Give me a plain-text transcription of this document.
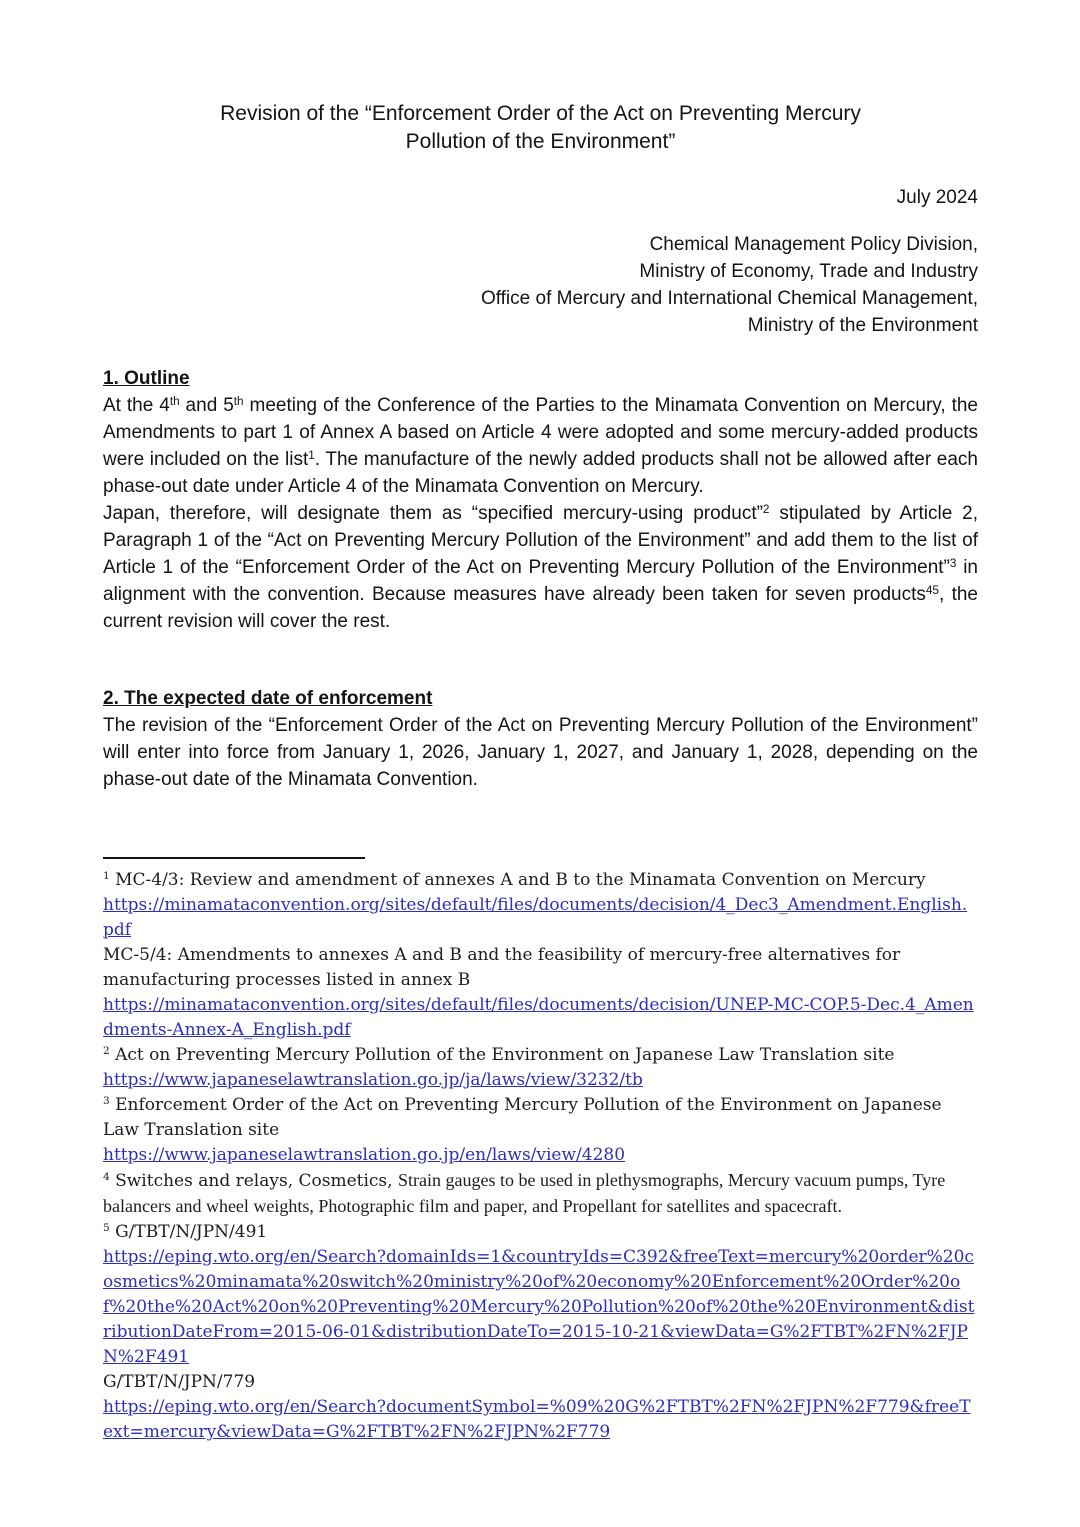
Revision of the “Enforcement Order of the Act on Preventing Mercury
Pollution of the Environment”
July 2024
Chemical Management Policy Division,
Ministry of Economy, Trade and Industry
Office of Mercury and International Chemical Management,
Ministry of the Environment
1. Outline
At the 4th and 5th meeting of the Conference of the Parties to the Minamata Convention on Mercury, the Amendments to part 1 of Annex A based on Article 4 were adopted and some mercury-added products were included on the list$^1$. The manufacture of the newly added products shall not be allowed after each phase-out date under Article 4 of the Minamata Convention on Mercury.
Japan, therefore, will designate them as “specified mercury-using product”$^2$ stipulated by Article 2, Paragraph 1 of the “Act on Preventing Mercury Pollution of the Environment” and add them to the list of Article 1 of the “Enforcement Order of the Act on Preventing Mercury Pollution of the Environment”$^3$ in alignment with the convention. Because measures have already been taken for seven products$^{45}$, the current revision will cover the rest.
2. The expected date of enforcement
The revision of the “Enforcement Order of the Act on Preventing Mercury Pollution of the Environment” will enter into force from January 1, 2026, January 1, 2027, and January 1, 2028, depending on the phase-out date of the Minamata Convention.
$^1$ MC-4/3: Review and amendment of annexes A and B to the Minamata Convention on Mercury
https://minamataconvention.org/sites/default/files/documents/decision/4_Dec3_Amendment.English.pdf
MC-5/4: Amendments to annexes A and B and the feasibility of mercury-free alternatives for manufacturing processes listed in annex B
https://minamataconvention.org/sites/default/files/documents/decision/UNEP-MC-COP.5-Dec.4_Amendments-Annex-A_English.pdf
$^2$ Act on Preventing Mercury Pollution of the Environment on Japanese Law Translation site
https://www.japaneselawtranslation.go.jp/ja/laws/view/3232/tb
$^3$ Enforcement Order of the Act on Preventing Mercury Pollution of the Environment on Japanese Law Translation site
https://www.japaneselawtranslation.go.jp/en/laws/view/4280
$^4$ Switches and relays, Cosmetics, Strain gauges to be used in plethysmographs, Mercury vacuum pumps, Tyre balancers and wheel weights, Photographic film and paper, and Propellant for satellites and spacecraft.
$^5$ G/TBT/N/JPN/491
https://eping.wto.org/en/Search?domainIds=1&countryIds=C392&freeText=mercury%20order%20cosmetics%20minamata%20switch%20ministry%20of%20economy%20Enforcement%20Order%20of%20the%20Act%20on%20Preventing%20Mercury%20Pollution%20of%20the%20Environment&distributionDateFrom=2015-06-01&distributionDateTo=2015-10-21&viewData=G%2FTBT%2FN%2FJPN%2F491
G/TBT/N/JPN/779
https://eping.wto.org/en/Search?documentSymbol=%09%20G%2FTBT%2FN%2FJPN%2F779&freeText=mercury&viewData=G%2FTBT%2FN%2FJPN%2F779
